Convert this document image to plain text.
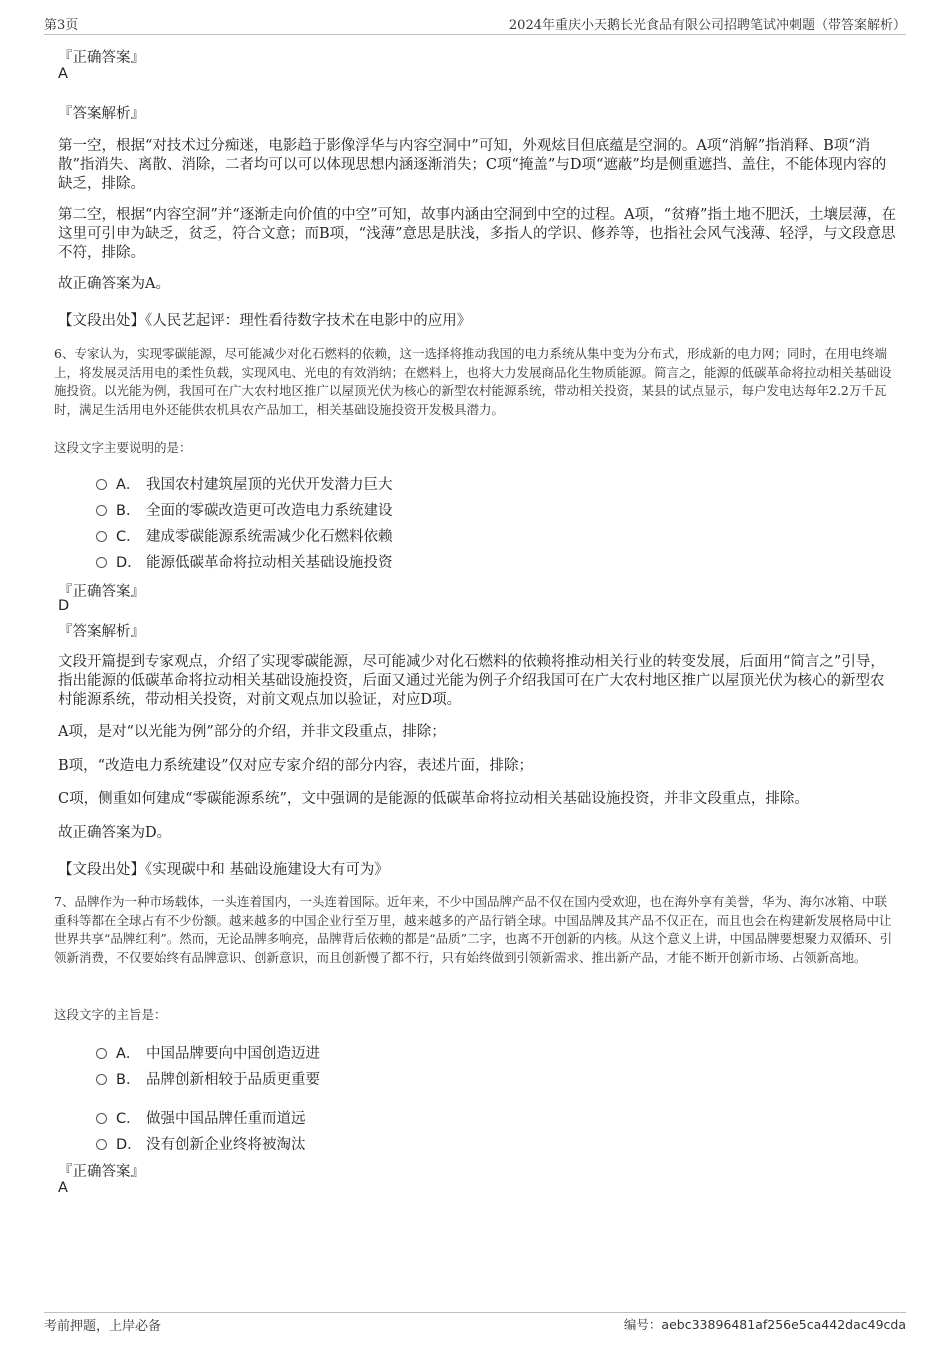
第3页	2024年重庆小天鹅长光食品有限公司招聘笔试冲刺题（带答案解析）
『正确答案』
A
『答案解析』
第一空，根据“对技术过分痴迷，电影趋于影像浮华与内容空洞中”可知，外观炫目但底蕴是空洞的。A项“消解”指消释、B项“消散”指消失、离散、消除，二者均可以可以体现思想内涵逐渐消失；C项“掩盖”与D项“遮蔽”均是侧重遮挡、盖住，不能体现内容的缺乏，排除。
第二空，根据“内容空洞”并“逐渐走向价值的中空”可知，故事内涵由空洞到中空的过程。A项，“贫瘠”指土地不肥沃，土壤层薄，在这里可引申为缺乏，贫乏，符合文意；而B项，“浅薄”意思是肤浅，多指人的学识、修养等，也指社会风气浅薄、轻浮，与文段意思不符，排除。
故正确答案为A。
【文段出处】《人民艺起评：理性看待数字技术在电影中的应用》
6、专家认为，实现零碳能源，尽可能减少对化石燃料的依赖，这一选择将推动我国的电力系统从集中变为分布式，形成新的电力网；同时，在用电终端上，将发展灵活用电的柔性负载，实现风电、光电的有效消纳；在燃料上，也将大力发展商品化生物质能源。简言之，能源的低碳革命将拉动相关基础设施投资。以光能为例，我国可在广大农村地区推广以屋顶光伏为核心的新型农村能源系统，带动相关投资，某县的试点显示，每户发电达每年2.2万千瓦时，满足生活用电外还能供农机具农产品加工，相关基础设施投资开发极具潜力。
这段文字主要说明的是：
A． 我国农村建筑屋顶的光伏开发潜力巨大
B． 全面的零碳改造更可改造电力系统建设
C． 建成零碳能源系统需减少化石燃料依赖
D． 能源低碳革命将拉动相关基础设施投资
『正确答案』
D
『答案解析』
文段开篇提到专家观点，介绍了实现零碳能源，尽可能减少对化石燃料的依赖将推动相关行业的转变发展，后面用“简言之”引导，指出能源的低碳革命将拉动相关基础设施投资，后面又通过光能为例子介绍我国可在广大农村地区推广以屋顶光伏为核心的新型农村能源系统，带动相关投资，对前文观点加以验证，对应D项。
A项，是对“以光能为例”部分的介绍，并非文段重点，排除；
B项，“改造电力系统建设”仅对应专家介绍的部分内容，表述片面，排除；
C项，侧重如何建成“零碳能源系统”，文中强调的是能源的低碳革命将拉动相关基础设施投资，并非文段重点，排除。
故正确答案为D。
【文段出处】《实现碳中和 基础设施建设大有可为》
7、品牌作为一种市场载体，一头连着国内，一头连着国际。近年来，不少中国品牌产品不仅在国内受欢迎，也在海外享有美誉，华为、海尔冰箱、中联重科等都在全球占有不少份额。越来越多的中国企业行至万里，越来越多的产品行销全球。中国品牌及其产品不仅正在，而且也会在构建新发展格局中让世界共享“品牌红利”。然而，无论品牌多响亮，品牌背后依赖的都是“品质”二字，也离不开创新的内核。从这个意义上讲，中国品牌要想聚力双循环、引领新消费，不仅要始终有品牌意识、创新意识，而且创新慢了都不行，只有始终做到引领新需求、推出新产品，才能不断开创新市场、占领新高地。
这段文字的主旨是：
A． 中国品牌要向中国创造迈进
B． 品牌创新相较于品质更重要
C． 做强中国品牌任重而道远
D． 没有创新企业终将被淘汰
『正确答案』
A
考前押题，上岸必备	编号：aebc33896481af256e5ca442dac49cda
